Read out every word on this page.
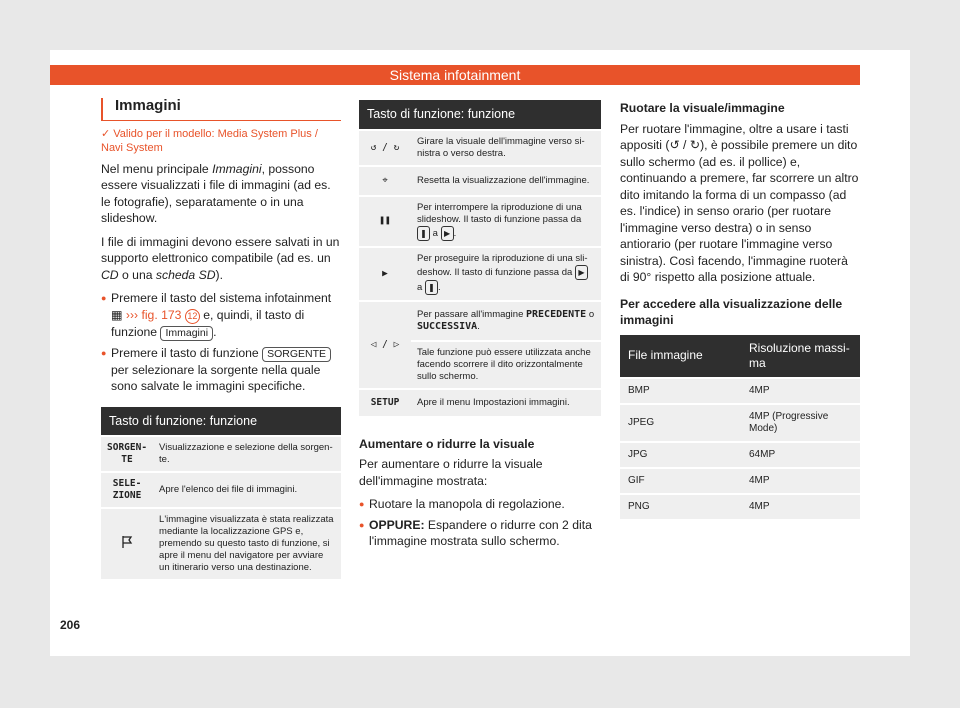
Sistema infotainment
Immagini
✓ Valido per il modello: Media System Plus / Navi System

Nel menu principale Immagini, possono essere visualizzati i file di immagini (ad es. le fotografie), separatamente o in una slideshow.

I file di immagini devono essere salvati in un supporto elettronico compatibile (ad es. un CD o una scheda SD).

● Premere il tasto del sistema infotainment ▦ ››› fig. 173 12 e, quindi, il tasto di funzione Immagini .
● Premere il tasto di funzione SORGENTE per selezionare la sorgente nella quale sono salvate le immagini specifiche.
Tasto di funzione: funzione
SORGEN-
TE	Visualizzazione e selezione della sorgente.
SELE-
ZIONE	Apre l'elenco dei file di immagini.
	L'immagine visualizzata è stata realizzata mediante la localizzazione GPS e, premendo su questo tasto di funzione, si apre il menu del navigatore per avviare un itinerario verso una destinazione.
Tasto di funzione: funzione
↺ / ↻	Girare la visuale dell'immagine verso sinistra o verso destra.
⌖	Resetta la visualizzazione dell'immagine.
❚❚	Per interrompere la riproduzione di una slideshow. Il tasto di funzione passa da ❚ a ▶ .
▶	Per proseguire la riproduzione di una slideshow. Il tasto di funzione passa da ▶ a ❚ .
◁ / ▷	Per passare all'immagine PRECEDENTE o SUCCESSIVA.
	Tale funzione può essere utilizzata anche facendo scorrere il dito orizzontalmente sullo schermo.
SETUP	Apre il menu Impostazioni immagini.
Aumentare o ridurre la visuale

Per aumentare o ridurre la visuale dell'immagine mostrata:

● Ruotare la manopola di regolazione.
● OPPURE: Espandere o ridurre con 2 dita l'immagine mostrata sullo schermo.
Ruotare la visuale/immagine

Per ruotare l'immagine, oltre a usare i tasti appositi (↺ / ↻), è possibile premere un dito sullo schermo (ad es. il pollice) e, continuando a premere, far scorrere un altro dito imitando la forma di un compasso (ad es. l'indice) in senso orario (per ruotare l'immagine verso destra) o in senso antiorario (per ruotare l'immagine verso sinistra). Così facendo, l'immagine ruoterà di 90° rispetto alla posizione attuale.

Per accedere alla visualizzazione delle immagini
File immagine	Risoluzione massima
BMP	4MP
JPEG	4MP (Progressive Mode)
JPG	64MP
GIF	4MP
PNG	4MP
206
